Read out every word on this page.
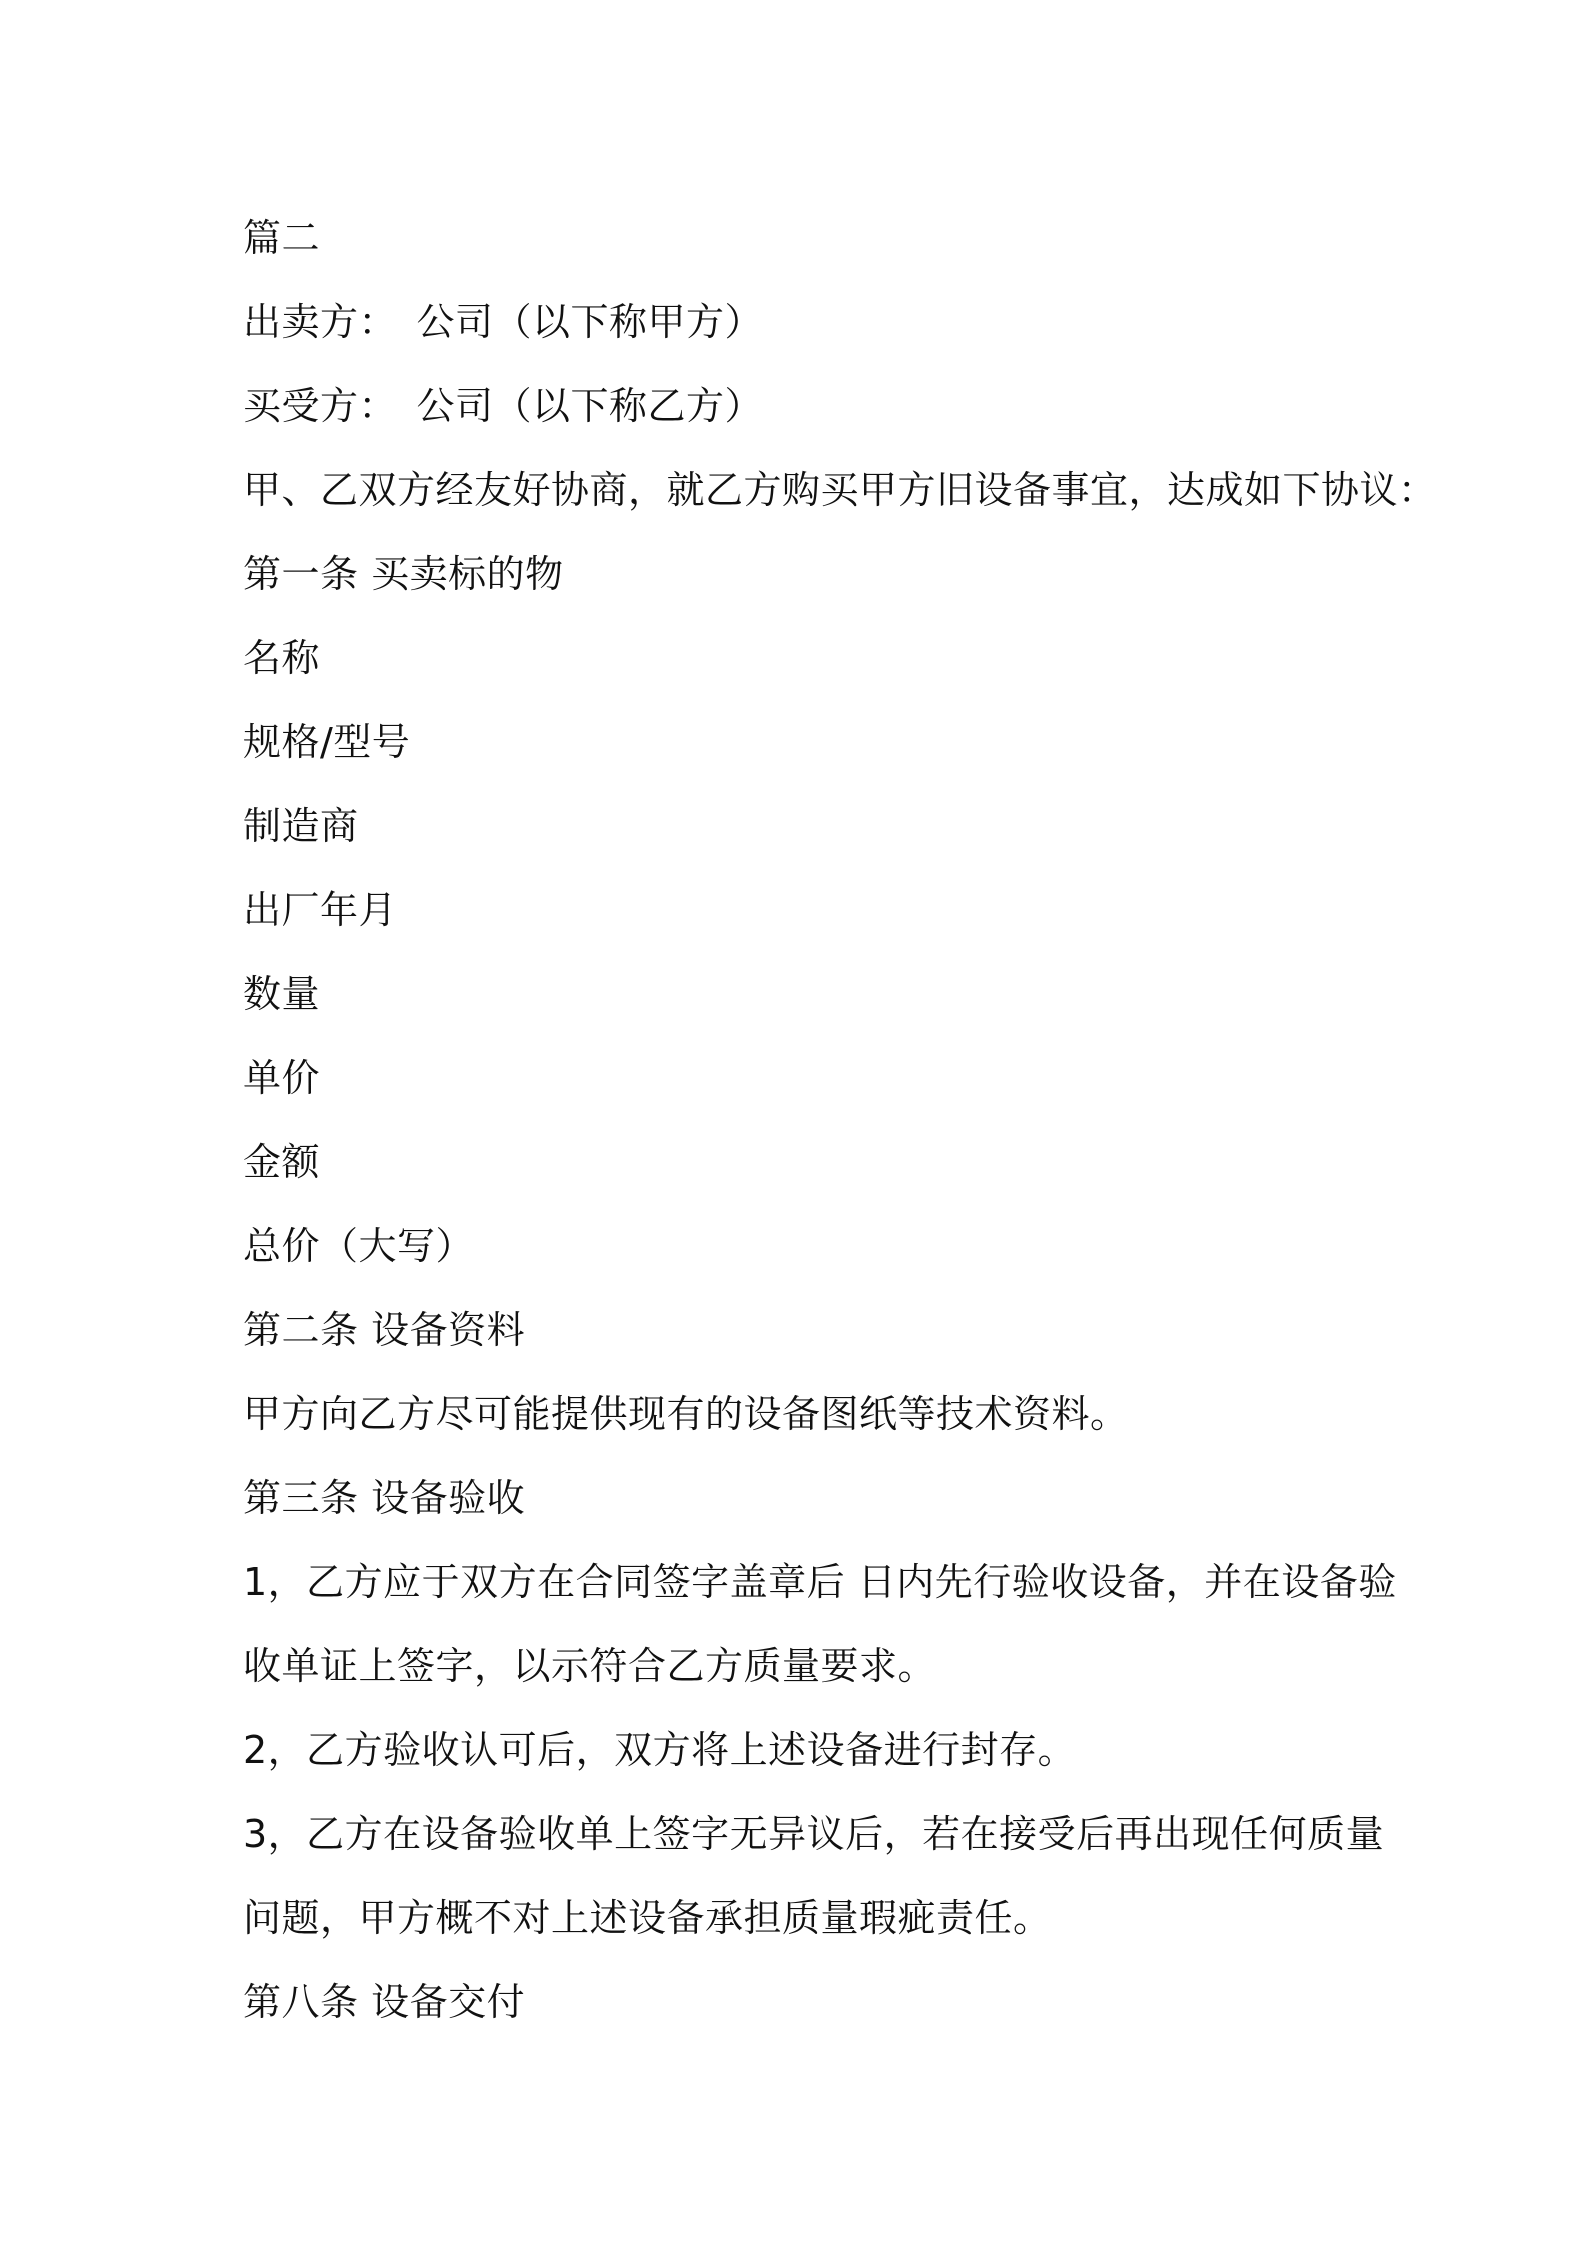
篇二
出卖方：　公司（以下称甲方）
买受方：　公司（以下称乙方）
甲、乙双方经友好协商，就乙方购买甲方旧设备事宜，达成如下协议：
第一条 买卖标的物
名称
规格/型号
制造商
出厂年月
数量
单价
金额
总价（大写）
第二条 设备资料
甲方向乙方尽可能提供现有的设备图纸等技术资料。
第三条 设备验收
1，乙方应于双方在合同签字盖章后 日内先行验收设备，并在设备验
收单证上签字，以示符合乙方质量要求。
2，乙方验收认可后，双方将上述设备进行封存。
3，乙方在设备验收单上签字无异议后，若在接受后再出现任何质量
问题，甲方概不对上述设备承担质量瑕疵责任。
第八条 设备交付
